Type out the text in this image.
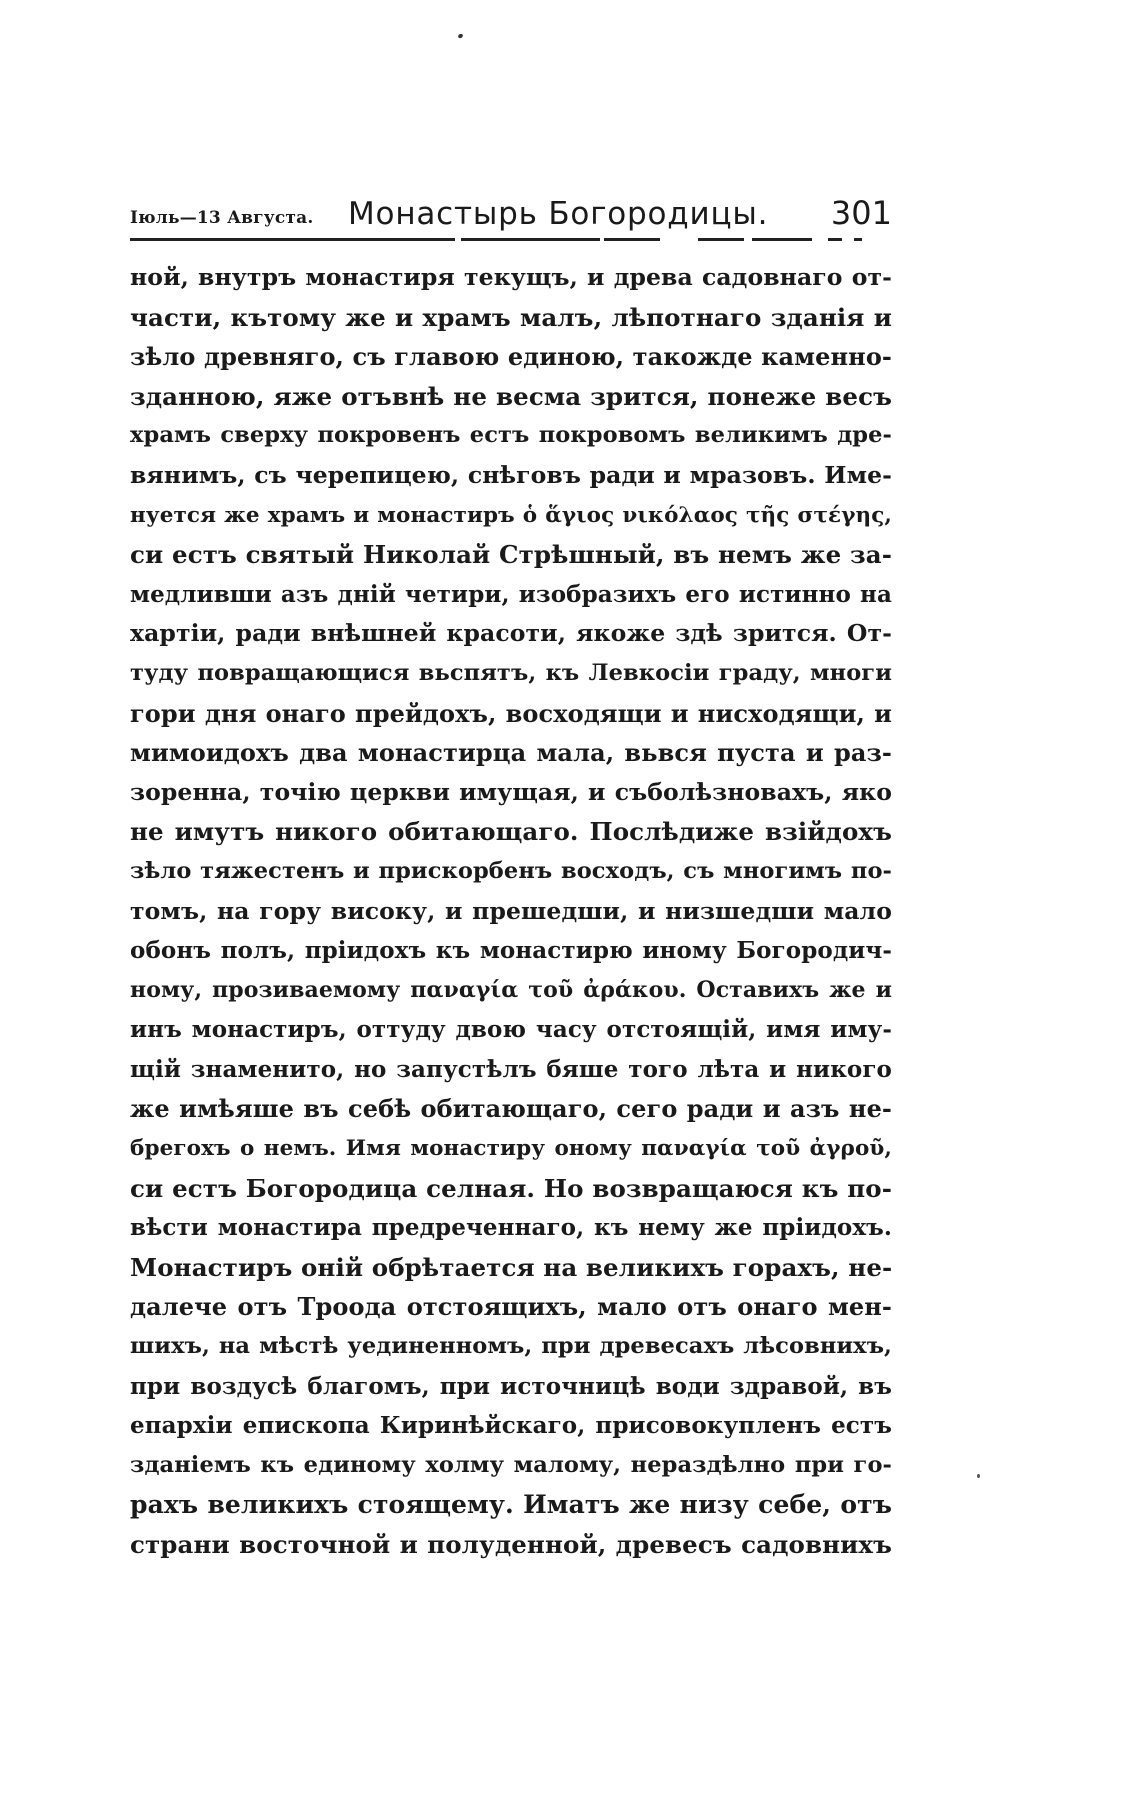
Іюль—13 Августа. Монастырь Богородицы. 301
ной, внутръ монастиря текущъ, и древа садовнаго от-
части, кътому же и храмъ малъ, лѣпотнаго зданія и
зѣло древняго, съ главою единою, такожде каменно-
зданною, яже отъвнѣ не весма зрится, понеже весъ
храмъ сверху покровенъ естъ покровомъ великимъ дре-
вянимъ, съ черепицею, снѣговъ ради и мразовъ. Име-
нуется же храмъ и монастиръ ὁ ἅγιος νικόλαος τῆς στέγης,
си естъ святый Николай Стрѣшный, въ немъ же за-
медливши азъ дній четири, изобразихъ его истинно на
хартіи, ради внѣшней красоти, якоже здѣ зрится. От-
туду повращающися вьспятъ, къ Левкосіи граду, многи
гори дня онаго прейдохъ, восходящи и нисходящи, и
мимоидохъ два монастирца мала, вьвся пуста и раз-
зоренна, точію церкви имущая, и съболѣзновахъ, яко
не имутъ никого обитающаго. Послѣдиже взійдохъ
зѣло тяжестенъ и прискорбенъ восходъ, съ многимъ по-
томъ, на гору високу, и прешедши, и низшедши мало
обонъ полъ, пріидохъ къ монастирю иному Богородич-
ному, прозиваемому παναγία τοῦ ἀράκου. Оставихъ же и
инъ монастиръ, оттуду двою часу отстоящій, имя иму-
щій знаменито, но запустѣлъ бяше того лѣта и никого
же имѣяше въ себѣ обитающаго, сего ради и азъ не-
брегохъ о немъ. Имя монастиру оному παναγία τοῦ ἀγροῦ,
си естъ Богородица селная. Но возвращаюся къ по-
вѣсти монастира предреченнаго, къ нему же пріидохъ.
Монастиръ оній обрѣтается на великихъ горахъ, не-
далече отъ Троода отстоящихъ, мало отъ онаго мен-
шихъ, на мѣстѣ уединенномъ, при древесахъ лѣсовнихъ,
при воздусѣ благомъ, при источницѣ води здравой, въ
епархіи епископа Киринѣйскаго, присовокупленъ естъ
зданіемъ къ единому холму малому, нераздѣлно при го-
рахъ великихъ стоящему. Иматъ же низу себе, отъ
страни восточной и полуденной, древесъ садовнихъ
